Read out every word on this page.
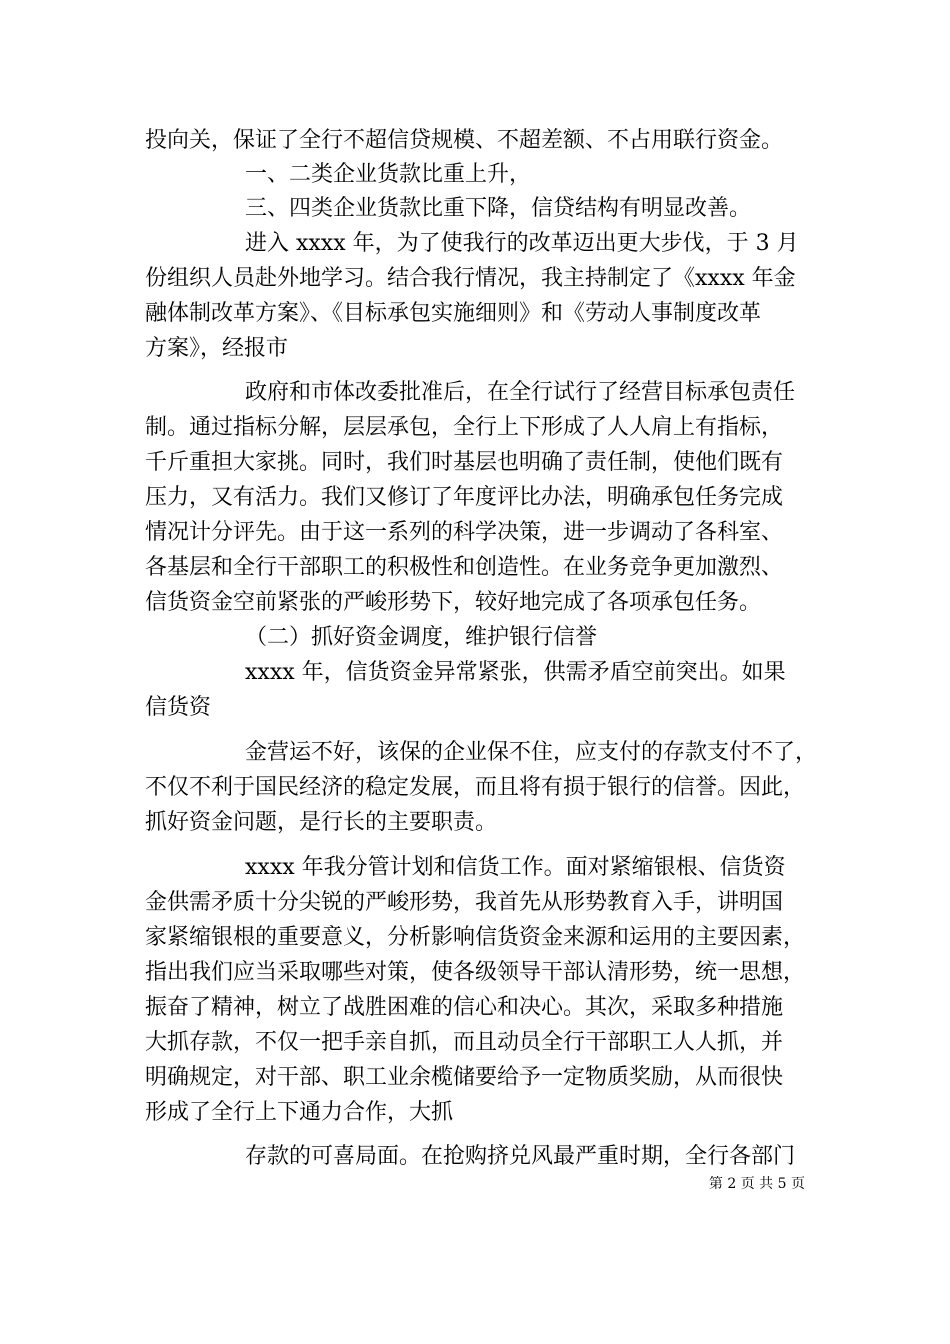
投向关，保证了全行不超信贷规模、不超差额、不占用联行资金。
一、二类企业货款比重上升，
三、四类企业货款比重下降，信贷结构有明显改善。
进入 xxxx 年，为了使我行的改革迈出更大步伐，于 3 月
份组织人员赴外地学习。结合我行情况，我主持制定了《xxxx 年金
融体制改革方案》、《目标承包实施细则》和《劳动人事制度改革
方案》，经报市
政府和市体改委批准后，在全行试行了经营目标承包责任
制。通过指标分解，层层承包，全行上下形成了人人肩上有指标，
千斤重担大家挑。同时，我们时基层也明确了责任制，使他们既有
压力，又有活力。我们又修订了年度评比办法，明确承包任务完成
情况计分评先。由于这一系列的科学决策，进一步调动了各科室、
各基层和全行干部职工的积极性和创造性。在业务竞争更加激烈、
信货资金空前紧张的严峻形势下，较好地完成了各项承包任务。
（二）抓好资金调度，维护银行信誉
xxxx 年，信货资金异常紧张，供需矛盾空前突出。如果
信货资
金营运不好，该保的企业保不住，应支付的存款支付不了，
不仅不利于国民经济的稳定发展，而且将有损于银行的信誉。因此，
抓好资金问题，是行长的主要职责。
xxxx 年我分管计划和信货工作。面对紧缩银根、信货资
金供需矛质十分尖锐的严峻形势，我首先从形势教育入手，讲明国
家紧缩银根的重要意义，分析影响信货资金来源和运用的主要因素，
指出我们应当采取哪些对策，使各级领导干部认清形势，统一思想，
振奋了精神，树立了战胜困难的信心和决心。其次，采取多种措施
大抓存款，不仅一把手亲自抓，而且动员全行干部职工人人抓，并
明确规定，对干部、职工业余榄储要给予一定物质奖励，从而很快
形成了全行上下通力合作，大抓
存款的可喜局面。在抢购挤兑风最严重时期，全行各部门
第 2 页 共 5 页
